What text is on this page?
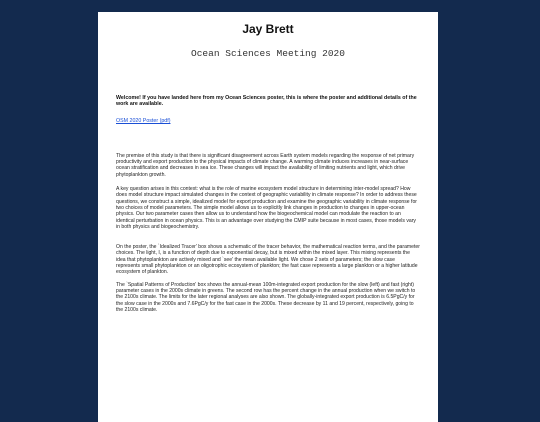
Jay Brett
Ocean Sciences Meeting 2020

Welcome! If you have landed here from my Ocean Sciences poster, this is where the poster and additional details of the work are available.

OSM 2020 Poster (pdf)

The premise of this study is that there is significant disagreement across Earth system models regarding the response of net primary productivity and export production to the physical impacts of climate change. A warming climate induces increases in near-surface ocean stratification and decreases in sea ice. These changes will impact the availability of limiting nutrients and light, which drive phytoplankton growth.

A key question arises in this context: what is the role of marine ecosystem model structure in determining inter-model spread? How does model structure impact simulated changes in the context of geographic variability in climate response? In order to address these questions, we construct a simple, idealized model for export production and examine the geographic variability in climate response for two choices of model parameters. The simple model allows us to explicitly link changes in production to changes in upper-ocean physics. Our two parameter cases then allow us to understand how the biogeochemical model can modulate the reaction to an identical perturbation in ocean physics. This is an advantage over studying the CMIP suite because in most cases, those models vary in both physics and biogeochemistry.

On the poster, the `Idealized Tracer' box shows a schematic of the tracer behavior, the mathematical reaction terms, and the parameter choices. The light, I, is a function of depth due to exponential decay, but is mixed within the mixed layer. This mixing represents the idea that phytoplankton are actively mixed and `see' the mean available light. We chose 2 sets of parameters; the slow case represents small phytoplankton or an oligotrophic ecosystem of plankton; the fast case represents a large plankton or a higher latitude ecosystem of plankton.

The `Spatial Patterns of Production' box shows the annual-mean 100m-integrated export production for the slow (left) and fast (right) parameter cases in the 2000s climate in greens. The second row has the percent change in the annual production when we switch to the 2100s climate. The limits for the later regional analyses are also shown. The globally-integrated export production is 6.5PgC/y for the slow case in the 2000s and 7.6PgC/y for the fast case in the 2000s. These decrease by 11 and 19 percent, respectively, going to the 2100s climate.
